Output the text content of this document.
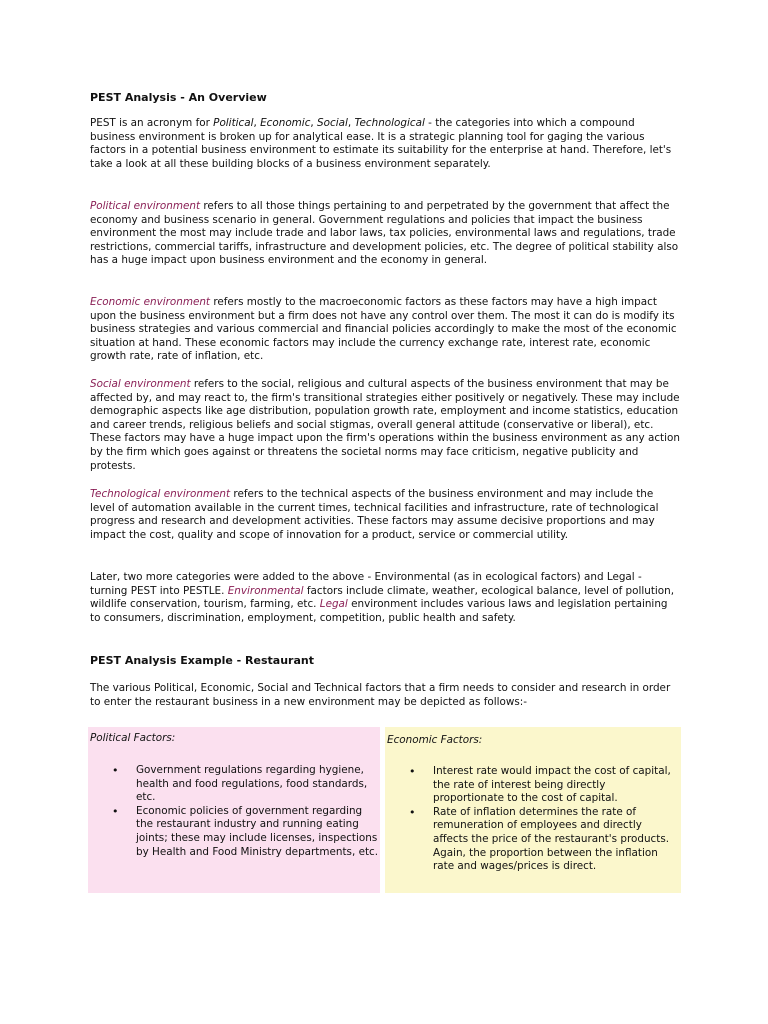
PEST Analysis - An Overview

PEST is an acronym for Political, Economic, Social, Technological - the categories into which a compound business environment is broken up for analytical ease. It is a strategic planning tool for gaging the various factors in a potential business environment to estimate its suitability for the enterprise at hand. Therefore, let's take a look at all these building blocks of a business environment separately.

Political environment refers to all those things pertaining to and perpetrated by the government that affect the economy and business scenario in general. Government regulations and policies that impact the business environment the most may include trade and labor laws, tax policies, environmental laws and regulations, trade restrictions, commercial tariffs, infrastructure and development policies, etc. The degree of political stability also has a huge impact upon business environment and the economy in general.

Economic environment refers mostly to the macroeconomic factors as these factors may have a high impact upon the business environment but a firm does not have any control over them. The most it can do is modify its business strategies and various commercial and financial policies accordingly to make the most of the economic situation at hand. These economic factors may include the currency exchange rate, interest rate, economic growth rate, rate of inflation, etc.

Social environment refers to the social, religious and cultural aspects of the business environment that may be affected by, and may react to, the firm's transitional strategies either positively or negatively. These may include demographic aspects like age distribution, population growth rate, employment and income statistics, education and career trends, religious beliefs and social stigmas, overall general attitude (conservative or liberal), etc. These factors may have a huge impact upon the firm's operations within the business environment as any action by the firm which goes against or threatens the societal norms may face criticism, negative publicity and protests.

Technological environment refers to the technical aspects of the business environment and may include the level of automation available in the current times, technical facilities and infrastructure, rate of technological progress and research and development activities. These factors may assume decisive proportions and may impact the cost, quality and scope of innovation for a product, service or commercial utility.

Later, two more categories were added to the above - Environmental (as in ecological factors) and Legal - turning PEST into PESTLE. Environmental factors include climate, weather, ecological balance, level of pollution, wildlife conservation, tourism, farming, etc. Legal environment includes various laws and legislation pertaining to consumers, discrimination, employment, competition, public health and safety.

PEST Analysis Example - Restaurant

The various Political, Economic, Social and Technical factors that a firm needs to consider and research in order to enter the restaurant business in a new environment may be depicted as follows:-

Political Factors:
• Government regulations regarding hygiene, health and food regulations, food standards, etc.
• Economic policies of government regarding the restaurant industry and running eating joints; these may include licenses, inspections by Health and Food Ministry departments, etc.
Economic Factors:
• Interest rate would impact the cost of capital, the rate of interest being directly proportionate to the cost of capital.
• Rate of inflation determines the rate of remuneration of employees and directly affects the price of the restaurant's products. Again, the proportion between the inflation rate and wages/prices is direct.
